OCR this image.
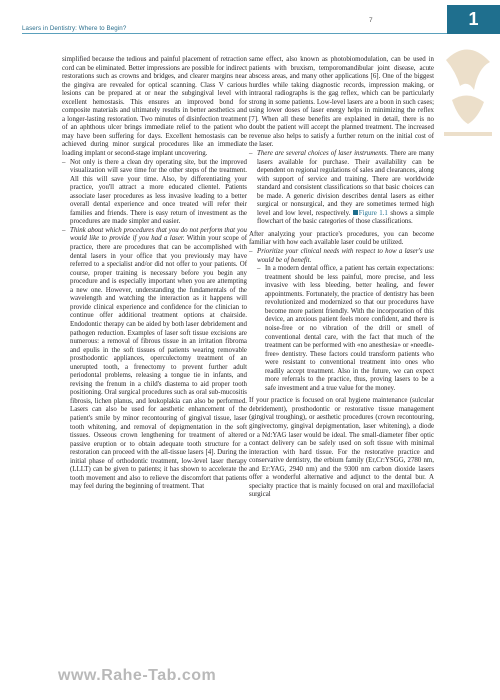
Lasers in Dentistry: Where to Begin?
7	1

simplified because the tedious and painful placement of retraction cord can be eliminated. Better impressions are possible for indirect restorations such as crowns and bridges, and clearer margins near the gingiva are revealed for optical scanning. Class V carious lesions can be prepared at or near the subgingival level with excellent hemostasis. This ensures an improved bond for composite materials and ultimately results in better aesthetics and a longer-lasting restoration. Two minutes of disinfection treatment of an aphthous ulcer brings immediate relief to the patient who may have been suffering for days. Excellent hemostasis can be achieved during minor surgical procedures like an immediate loading implant or second-stage implant uncovering.

– Not only is there a clean dry operating site, but the improved visualization will save time for the other steps of the treatment. All this will save your time. Also, by differentiating your practice, you'll attract a more educated clientel. Patients associate laser procedures as less invasive leading to a better overall dental experience and once treated will refer their families and friends. There is easy return of investment as the procedures are made simpler and easier.

– Think about which procedures that you do not perform that you would like to provide if you had a laser. Within your scope of practice, there are procedures that can be accomplished with dental lasers in your office that you previously may have referred to a specialist and/or did not offer to your patients. Of course, proper training is necessary before you begin any procedure and is especially important when you are attempting a new one. However, understanding the fundamentals of the wavelength and watching the interaction as it happens will provide clinical experience and confidence for the clinician to continue offer additional treatment options at chairside. Endodontic therapy can be aided by both laser debridement and pathogen reduction. Examples of laser soft tissue excisions are numerous: a removal of fibrous tissue in an irritation fibroma and epulis in the soft tissues of patients wearing removable prosthodontic appliances, operculectomy treatment of an unerupted tooth, a frenectomy to prevent further adult periodontal problems, releasing a tongue tie in infants, and revising the frenum in a child's diastema to aid proper tooth positioning. Oral surgical procedures such as oral sub-mucositis fibrosis, lichen planus, and leukoplakia can also be performed. Lasers can also be used for aesthetic enhancement of the patient's smile by minor recontouring of gingival tissue, laser tooth whitening, and removal of depigmentation in the soft tissues. Osseous crown lengthening for treatment of altered passive eruption or to obtain adequate tooth structure for a restoration can proceed with the all-tissue lasers [4]. During the initial phase of orthodontic treatment, low-level laser therapy (LLLT) can be given to patients; it has shown to accelerate the tooth movement and also to relieve the discomfort that patients may feel during the beginning of treatment. That

same effect, also known as photobiomodulation, can be used in patients with bruxism, temporomandibular joint disease, acute abscess areas, and many other applications [6]. One of the biggest hurdles while taking diagnostic records, impression making, or intraoral radiographs is the gag reflex, which can be particularly strong in some patients. Low-level lasers are a boon in such cases; using lower doses of laser energy helps in minimizing the reflex [7]. When all these benefits are explained in detail, there is no doubt the patient will accept the planned treatment. The increased revenue also helps to satisfy a further return on the initial cost of the laser.

– There are several choices of laser instruments. There are many lasers available for purchase. Their availability can be dependent on regional regulations of sales and clearances, along with support of service and training. There are worldwide standard and consistent classifications so that basic choices can be made. A generic division describes dental lasers as either surgical or nonsurgical, and they are sometimes termed high level and low level, respectively. Figure 1.1 shows a simple flowchart of the basic categories of those classifications.

After analyzing your practice's procedures, you can become familiar with how each available laser could be utilized.

– Prioritize your clinical needs with respect to how a laser's use would be of benefit.

– In a modern dental office, a patient has certain expectations: treatment should be less painful, more precise, and less invasive with less bleeding, better healing, and fewer appointments. Fortunately, the practice of dentistry has been revolutionized and modernized so that our procedures have become more patient friendly. With the incorporation of this device, an anxious patient feels more confident, and there is noise-free or no vibration of the drill or smell of conventional dental care, with the fact that much of the treatment can be performed with «no anesthesia» or «needle-free» dentistry. These factors could transform patients who were resistant to conventional treatment into ones who readily accept treatment. Also in the future, we can expect more referrals to the practice, thus, proving lasers to be a safe investment and a true value for the money.

If your practice is focused on oral hygiene maintenance (sulcular debridement), prosthodontic or restorative tissue management (gingival troughing), or aesthetic procedures (crown recontouring, gingivectomy, gingival depigmentation, laser whitening), a diode or a Nd:YAG laser would be ideal. The small-diameter fiber optic contact delivery can be safely used on soft tissue with minimal interaction with hard tissue. For the restorative practice and conservative dentistry, the erbium family (Er,Cr:YSGG, 2780 nm, and Er:YAG, 2940 nm) and the 9300 nm carbon dioxide lasers offer a wonderful alternative and adjunct to the dental bur. A specialty practice that is mainly focused on oral and maxillofacial surgical

www.Rahe-Tab.com
